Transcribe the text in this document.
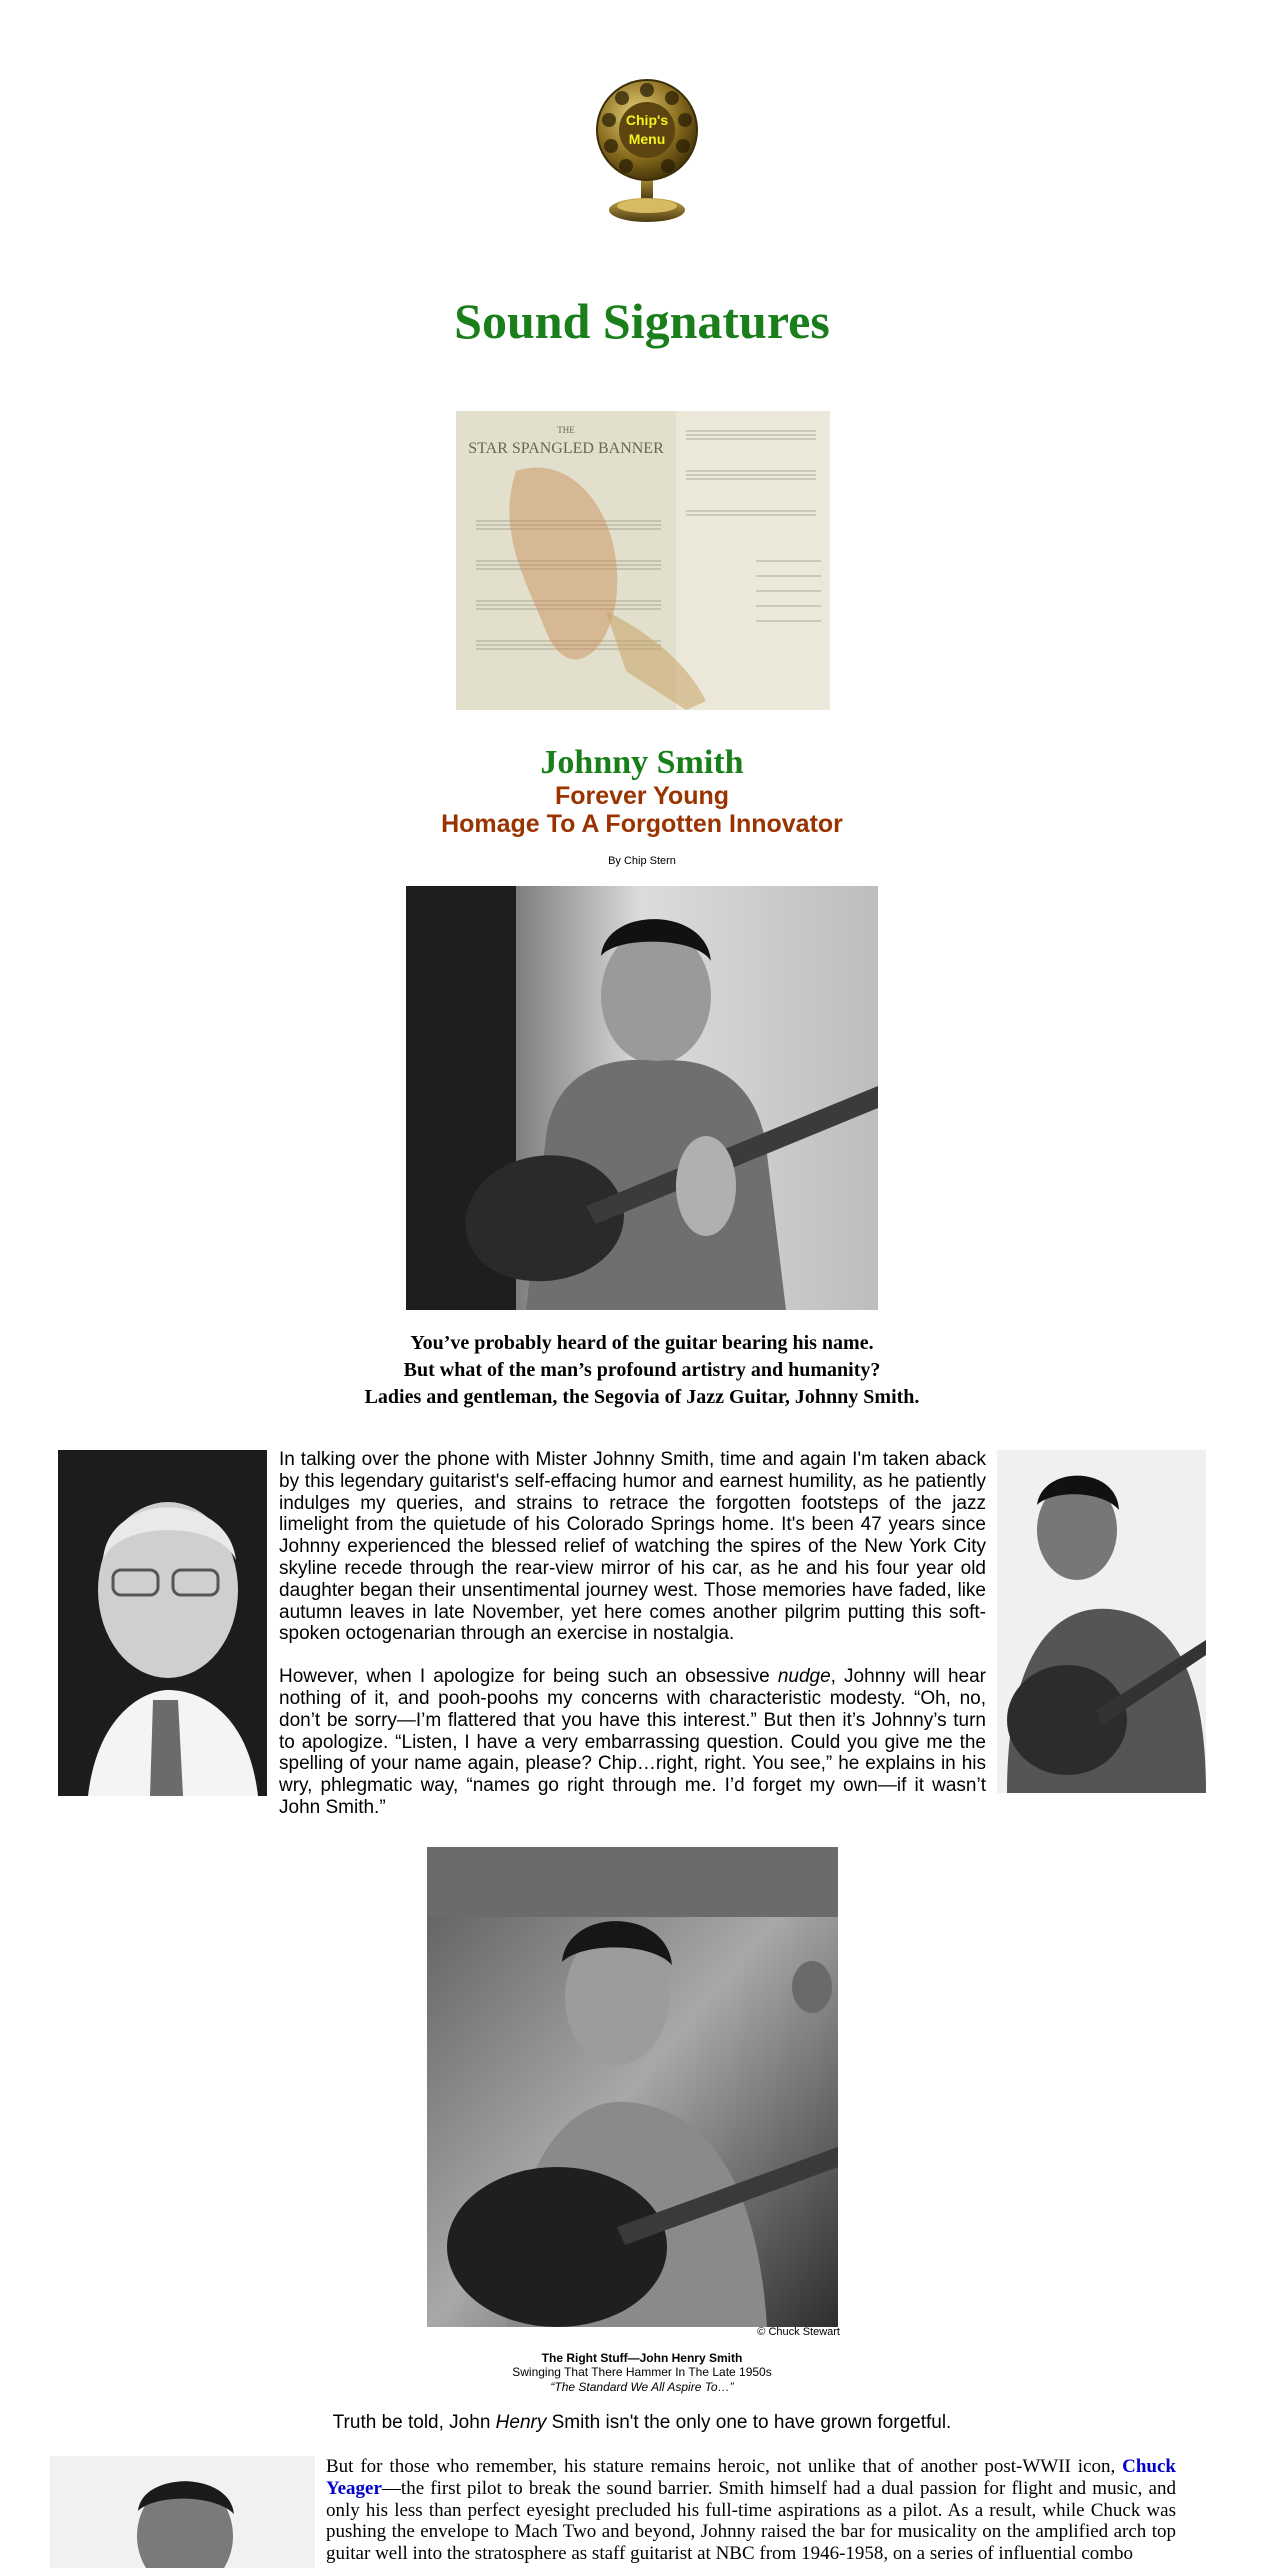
Chip's
Menu
Sound Signatures
THE
STAR SPANGLED BANNER
Johnny Smith
Forever Young
Homage To A Forgotten Innovator
By Chip Stern
You’ve probably heard of the guitar bearing his name.
But what of the man’s profound artistry and humanity?
Ladies and gentleman, the Segovia of Jazz Guitar, Johnny Smith.

In talking over the phone with Mister Johnny Smith, time and again I'm taken aback by this legendary guitarist's self-effacing humor and earnest humility, as he patiently indulges my queries, and strains to retrace the forgotten footsteps of the jazz limelight from the quietude of his Colorado Springs home. It's been 47 years since Johnny experienced the blessed relief of watching the spires of the New York City skyline recede through the rear-view mirror of his car, as he and his four year old daughter began their unsentimental journey west. Those memories have faded, like autumn leaves in late November, yet here comes another pilgrim putting this soft-spoken octogenarian through an exercise in nostalgia.

However, when I apologize for being such an obsessive nudge, Johnny will hear nothing of it, and pooh-poohs my concerns with characteristic modesty. “Oh, no, don’t be sorry—I’m flattered that you have this interest.” But then it’s Johnny’s turn to apologize. “Listen, I have a very embarrassing question. Could you give me the spelling of your name again, please? Chip…right, right. You see,” he explains in his wry, phlegmatic way, “names go right through me. I’d forget my own—if it wasn’t John Smith.”

© Chuck Stewart
The Right Stuff—John Henry Smith
Swinging That There Hammer In The Late 1950s
“The Standard We All Aspire To…”
Truth be told, John Henry Smith isn't the only one to have grown forgetful.
But for those who remember, his stature remains heroic, not unlike that of another post-WWII icon, Chuck Yeager—the first pilot to break the sound barrier. Smith himself had a dual passion for flight and music, and only his less than perfect eyesight precluded his full-time aspirations as a pilot. As a result, while Chuck was pushing the envelope to Mach Two and beyond, Johnny raised the bar for musicality on the amplified arch top guitar well into the stratosphere as staff guitarist at NBC from 1946-1958, on a series of influential combo
